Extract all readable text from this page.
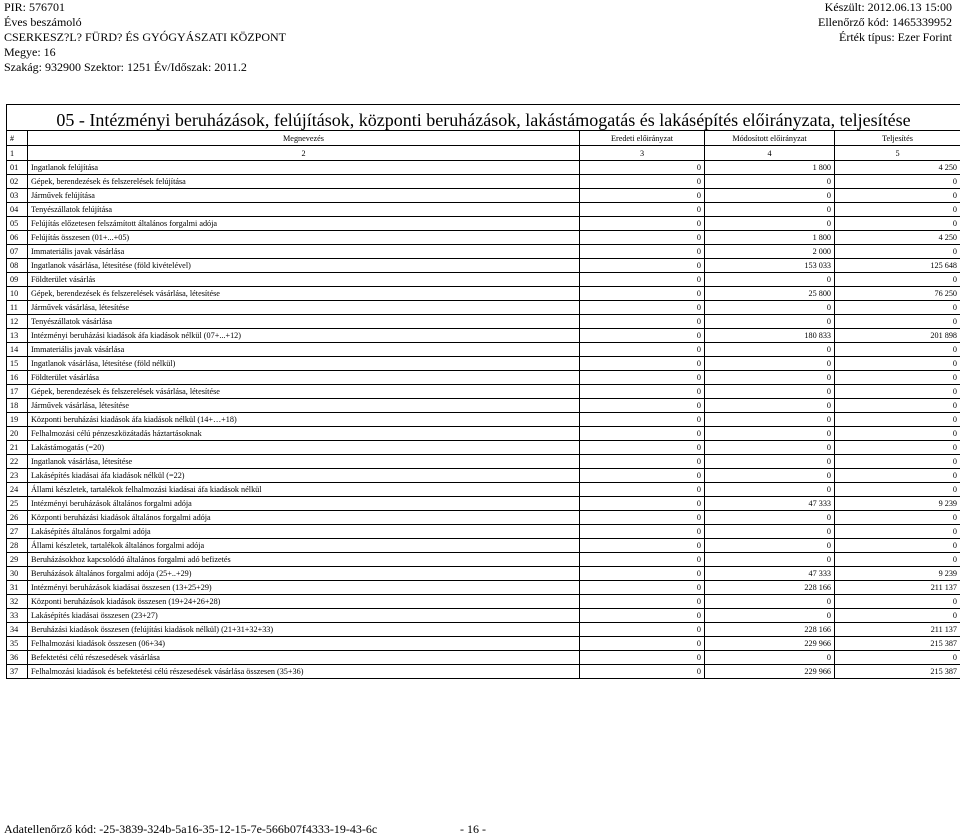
PIR: 576701
Éves beszámoló
CSERKESZ?L? FÜRD? ÉS GYÓGYÁSZATI KÖZPONT
Megye: 16
Szakág: 932900 Szektor: 1251 Év/Időszak: 2011.2
Készült: 2012.06.13 15:00
Ellenőrző kód: 1465339952
Érték típus: Ezer Forint
05 - Intézményi beruházások, felújítások, központi beruházások, lakástámogatás és lakásépítés előirányzata, teljesítése
#	Megnevezés	Eredeti előirányzat	Módosított előirányzat	Teljesítés
1	2	3	4	5
01	Ingatlanok felújítása	0	1 800	4 250
02	Gépek, berendezések és felszerelések felújítása	0	0	0
03	Járművek felújítása	0	0	0
04	Tenyészállatok felújítása	0	0	0
05	Felújítás előzetesen felszámított általános forgalmi adója	0	0	0
06	Felújítás összesen (01+...+05)	0	1 800	4 250
07	Immateriális javak vásárlása	0	2 000	0
08	Ingatlanok vásárlása, létesítése (föld kivételével)	0	153 033	125 648
09	Földterület vásárlás	0	0	0
10	Gépek, berendezések és felszerelések vásárlása, létesítése	0	25 800	76 250
11	Járművek vásárlása, létesítése	0	0	0
12	Tenyészállatok vásárlása	0	0	0
13	Intézményi beruházási kiadások áfa kiadások nélkül (07+...+12)	0	180 833	201 898
14	Immateriális javak vásárlása	0	0	0
15	Ingatlanok vásárlása, létesítése (föld nélkül)	0	0	0
16	Földterület vásárlása	0	0	0
17	Gépek, berendezések és felszerelések vásárlása, létesítése	0	0	0
18	Járművek vásárlása, létesítése	0	0	0
19	Központi beruházási kiadások áfa kiadások nélkül (14+…+18)	0	0	0
20	Felhalmozási célú pénzeszközátadás háztartásoknak	0	0	0
21	Lakástámogatás (=20)	0	0	0
22	Ingatlanok vásárlása, létesítése	0	0	0
23	Lakásépítés kiadásai áfa kiadások nélkül (=22)	0	0	0
24	Állami készletek, tartalékok felhalmozási kiadásai áfa kiadások nélkül	0	0	0
25	Intézményi beruházások általános forgalmi adója	0	47 333	9 239
26	Központi beruházási kiadások általános forgalmi adója	0	0	0
27	Lakásépítés általános forgalmi adója	0	0	0
28	Állami készletek, tartalékok általános forgalmi adója	0	0	0
29	Beruházásokhoz kapcsolódó általános forgalmi adó befizetés	0	0	0
30	Beruházások általános forgalmi adója (25+..+29)	0	47 333	9 239
31	Intézményi beruházások kiadásai összesen (13+25+29)	0	228 166	211 137
32	Központi beruházások kiadások összesen (19+24+26+28)	0	0	0
33	Lakásépítés kiadásai összesen (23+27)	0	0	0
34	Beruházási kiadások összesen (felújítási kiadások nélkül) (21+31+32+33)	0	228 166	211 137
35	Felhalmozási kiadások összesen (06+34)	0	229 966	215 387
36	Befektetési célú részesedések vásárlása	0	0	0
37	Felhalmozási kiadások és befektetési célú részesedések vásárlása összesen (35+36)	0	229 966	215 387
Adatellenőrző kód: -25-3839-324b-5a16-35-12-15-7e-566b07f4333-19-43-6c	- 16 -
